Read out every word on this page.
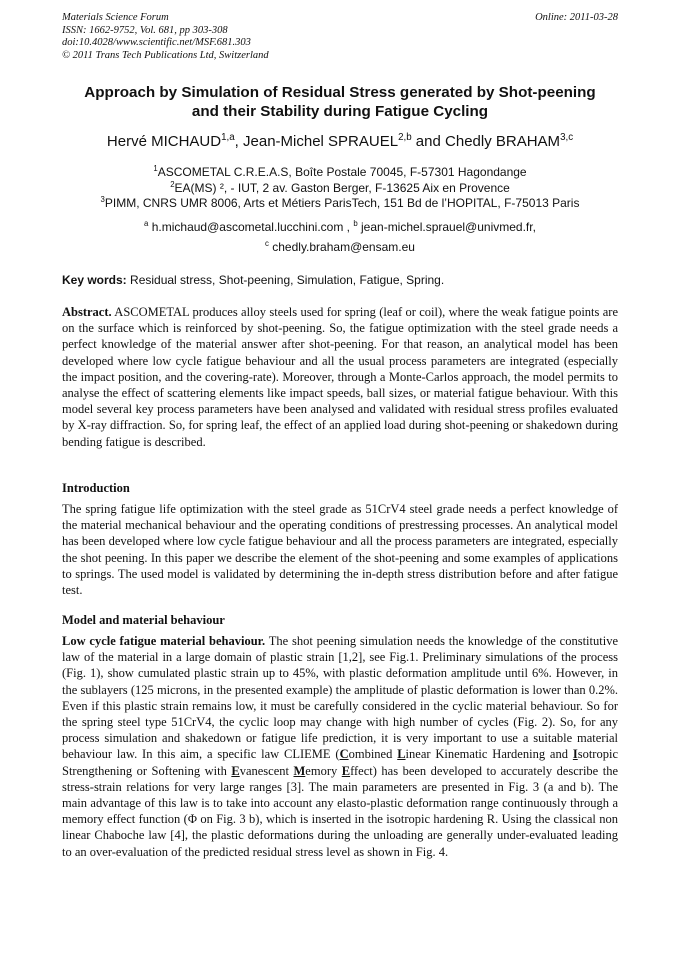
Materials Science Forum
ISSN: 1662-9752, Vol. 681, pp 303-308
doi:10.4028/www.scientific.net/MSF.681.303
© 2011 Trans Tech Publications Ltd, Switzerland
Online: 2011-03-28
Approach by Simulation of Residual Stress generated by Shot-peening
and their Stability during Fatigue Cycling
Hervé MICHAUD$^{1,a}$, Jean-Michel SPRAUEL$^{2,b}$ and Chedly BRAHAM$^{3,c}$
$^1$ASCOMETAL C.R.E.A.S, Boîte Postale 70045, F-57301 Hagondange
$^2$EA(MS) ², - IUT, 2 av. Gaston Berger, F-13625 Aix en Provence
$^3$PIMM, CNRS UMR 8006, Arts et Métiers ParisTech, 151 Bd de l’HOPITAL, F-75013 Paris
$^a$ h.michaud@ascometal.lucchini.com , $^b$ jean-michel.sprauel@univmed.fr,
$^c$ chedly.braham@ensam.eu
Key words: Residual stress, Shot-peening, Simulation, Fatigue, Spring.
Abstract. ASCOMETAL produces alloy steels used for spring (leaf or coil), where the weak fatigue points are on the surface which is reinforced by shot-peening. So, the fatigue optimization with the steel grade needs a perfect knowledge of the material answer after shot-peening. For that reason, an analytical model has been developed where low cycle fatigue behaviour and all the usual process parameters are integrated (especially the impact position, and the covering-rate). Moreover, through a Monte-Carlos approach, the model permits to analyse the effect of scattering elements like impact speeds, ball sizes, or material fatigue behaviour. With this model several key process parameters have been analysed and validated with residual stress profiles evaluated by X-ray diffraction. So, for spring leaf, the effect of an applied load during shot-peening or shakedown during bending fatigue is described.
Introduction
The spring fatigue life optimization with the steel grade as 51CrV4 steel grade needs a perfect knowledge of the material mechanical behaviour and the operating conditions of prestressing processes. An analytical model has been developed where low cycle fatigue behaviour and all the process parameters are integrated, especially the shot peening. In this paper we describe the element of the shot-peening and some examples of applications to springs. The used model is validated by determining the in-depth stress distribution before and after fatigue test.
Model and material behaviour
Low cycle fatigue material behaviour. The shot peening simulation needs the knowledge of the constitutive law of the material in a large domain of plastic strain [1,2], see Fig.1. Preliminary simulations of the process (Fig. 1), show cumulated plastic strain up to 45%, with plastic deformation amplitude until 6%. However, in the sublayers (125 microns, in the presented example) the amplitude of plastic deformation is lower than 0.2%. Even if this plastic strain remains low, it must be carefully considered in the cyclic material behaviour. So for the spring steel type 51CrV4, the cyclic loop may change with high number of cycles (Fig. 2). So, for any process simulation and shakedown or fatigue life prediction, it is very important to use a suitable material behaviour law. In this aim, a specific law CLIEME (Combined Linear Kinematic Hardening and Isotropic Strengthening or Softening with Evanescent Memory Effect) has been developed to accurately describe the stress-strain relations for very large ranges [3]. The main parameters are presented in Fig. 3 (a and b). The main advantage of this law is to take into account any elasto-plastic deformation range continuously through a memory effect function (Φ on Fig. 3 b), which is inserted in the isotropic hardening R. Using the classical non linear Chaboche law [4], the plastic deformations during the unloading are generally under-evaluated leading to an over-evaluation of the predicted residual stress level as shown in Fig. 4.
